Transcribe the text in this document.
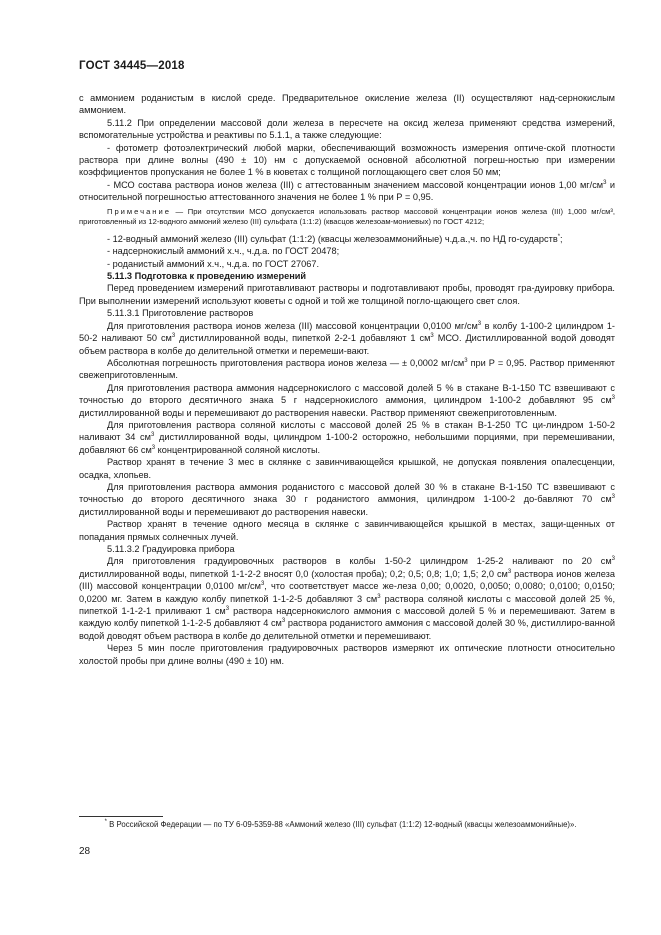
ГОСТ 34445—2018

с аммонием роданистым в кислой среде. Предварительное окисление железа (II) осуществляют над-сернокислым аммонием.

5.11.2 При определении массовой доли железа в пересчете на оксид железа применяют средства измерений, вспомогательные устройства и реактивы по 5.1.1, а также следующие:

- фотометр фотоэлектрический любой марки, обеспечивающий возможность измерения оптиче-ской плотности раствора при длине волны (490 ± 10) нм с допускаемой основной абсолютной погреш-ностью при измерении коэффициентов пропускания не более 1 % в кюветах с толщиной поглощающего свет слоя 50 мм;

- МСО состава раствора ионов железа (III) с аттестованным значением массовой концентрации ионов 1,00 $мг/см^3$ и относительной погрешностью аттестованного значения не более 1 % при Р = 0,95.

Примечание — При отсутствии МСО допускается использовать раствор массовой концентрации ионов железа (III) 1,000 мг/см³, приготовленный из 12-водного аммоний железо (III) сульфата (1:1:2) (квасцов железоам-мониевых) по ГОСТ 4212;

- 12-водный аммоний железо (III) сульфат (1:1:2) (квасцы железоаммонийные) ч.д.а.,ч. по НД го-сударств*;

- надсернокислый аммоний х.ч., ч.д.а. по ГОСТ 20478;

- роданистый аммоний х.ч., ч.д.а. по ГОСТ 27067.

5.11.3 Подготовка к проведению измерений

Перед проведением измерений приготавливают растворы и подготавливают пробы, проводят гра-дуировку прибора. При выполнении измерений используют кюветы с одной и той же толщиной погло-щающего свет слоя.

5.11.3.1 Приготовление растворов

Для приготовления раствора ионов железа (III) массовой концентрации 0,0100 $мг/см^3$ в колбу 1-100-2 цилиндром 1-50-2 наливают 50 $см^3$ дистиллированной воды, пипеткой 2-2-1 добавляют 1 $см^3$ МСО. Дистиллированной водой доводят объем раствора в колбе до делительной отметки и перемеши-вают.

Абсолютная погрешность приготовления раствора ионов железа — ± 0,0002 $мг/см^3$ при Р = 0,95. Раствор применяют свежеприготовленным.

Для приготовления раствора аммония надсернокислого с массовой долей 5 % в стакане В-1-150 ТС взвешивают с точностью до второго десятичного знака 5 г надсернокислого аммония, цилиндром 1-100-2 добавляют 95 $см^3$ дистиллированной воды и перемешивают до растворения навески. Раствор применяют свежеприготовленным.

Для приготовления раствора соляной кислоты с массовой долей 25 % в стакан В-1-250 ТС ци-линдром 1-50-2 наливают 34 $см^3$ дистиллированной воды, цилиндром 1-100-2 осторожно, небольшими порциями, при перемешивании, добавляют 66 $см^3$ концентрированной соляной кислоты.

Раствор хранят в течение 3 мес в склянке с завинчивающейся крышкой, не допуская появления опалесценции, осадка, хлопьев.

Для приготовления раствора аммония роданистого с массовой долей 30 % в стакане В-1-150 ТС взвешивают с точностью до второго десятичного знака 30 г роданистого аммония, цилиндром 1-100-2 до-бавляют 70 $см^3$ дистиллированной воды и перемешивают до растворения навески.

Раствор хранят в течение одного месяца в склянке с завинчивающейся крышкой в местах, защи-щенных от попадания прямых солнечных лучей.

5.11.3.2 Градуировка прибора

Для приготовления градуировочных растворов в колбы 1-50-2 цилиндром 1-25-2 наливают по 20 $см^3$ дистиллированной воды, пипеткой 1-1-2-2 вносят 0,0 (холостая проба); 0,2; 0,5; 0,8; 1,0; 1,5; 2,0 $см^3$ раствора ионов железа (III) массовой концентрации 0,0100 $мг/см^3$, что соответствует массе же-леза 0,00; 0,0020, 0,0050; 0,0080; 0,0100; 0,0150; 0,0200 мг. Затем в каждую колбу пипеткой 1-1-2-5 добавляют 3 $см^3$ раствора соляной кислоты с массовой долей 25 %, пипеткой 1-1-2-1 приливают 1 $см^3$ раствора надсернокислого аммония с массовой долей 5 % и перемешивают. Затем в каждую колбу пипеткой 1-1-2-5 добавляют 4 $см^3$ раствора роданистого аммония с массовой долей 30 %, дистиллиро-ванной водой доводят объем раствора в колбе до делительной отметки и перемешивают.

Через 5 мин после приготовления градуировочных растворов измеряют их оптические плотности относительно холостой пробы при длине волны (490 ± 10) нм.

* В Российской Федерации — по ТУ 6-09-5359-88 «Аммоний железо (III) сульфат (1:1:2) 12-водный (квасцы железоаммонийные)».
28
